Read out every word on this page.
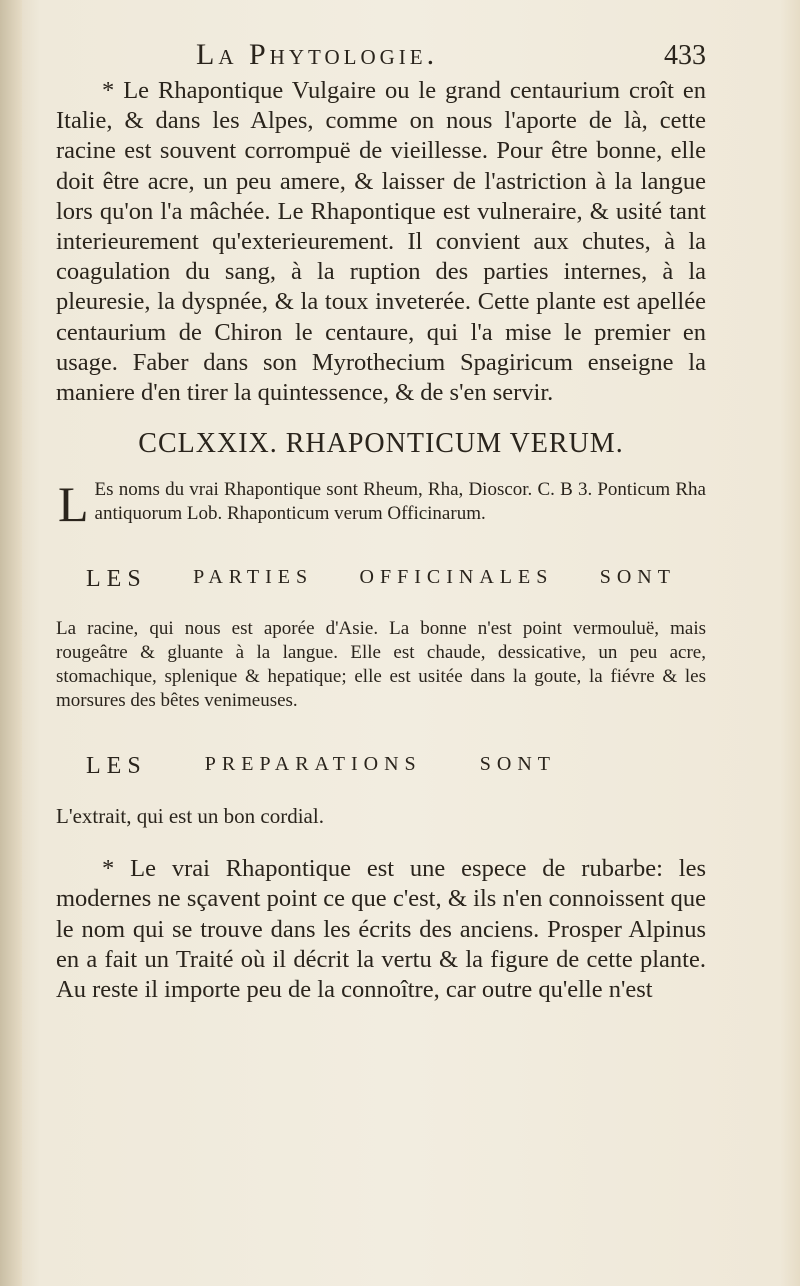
La Phytologie.	433

* Le Rhapontique Vulgaire ou le grand centaurium croît en Italie, & dans les Alpes, comme on nous l'aporte de là, cette racine est souvent corrompuë de vieillesse. Pour être bonne, elle doit être acre, un peu amere, & laisser de l'astriction à la langue lors qu'on l'a mâchée. Le Rhapontique est vulneraire, & usité tant interieurement qu'exterieurement. Il convient aux chutes, à la coagulation du sang, à la ruption des parties internes, à la pleuresie, la dyspnée, & la toux inveterée. Cette plante est apellée centaurium de Chiron le centaure, qui l'a mise le premier en usage. Faber dans son Myrothecium Spagiricum enseigne la maniere d'en tirer la quintessence, & de s'en servir.

CCLXXIX. RHAPONTICUM VERUM.

L Es noms du vrai Rhapontique sont Rheum, Rha, Dioscor. C. B 3. Ponticum Rha antiquorum Lob. Rhaponticum verum Officinarum.

LES PARTIES OFFICINALES SONT

La racine, qui nous est aporée d'Asie. La bonne n'est point vermouluë, mais rougeâtre & gluante à la langue. Elle est chaude, dessicative, un peu acre, stomachique, splenique & hepatique; elle est usitée dans la goute, la fiévre & les morsures des bêtes venimeuses.

LES	PREPARATIONS	SONT

L'extrait, qui est un bon cordial.

* Le vrai Rhapontique est une espece de rubarbe: les modernes ne sçavent point ce que c'est, & ils n'en connoissent que le nom qui se trouve dans les écrits des anciens. Prosper Alpinus en a fait un Traité où il décrit la vertu & la figure de cette plante. Au reste il importe peu de la connoître, car outre qu'elle n'est
